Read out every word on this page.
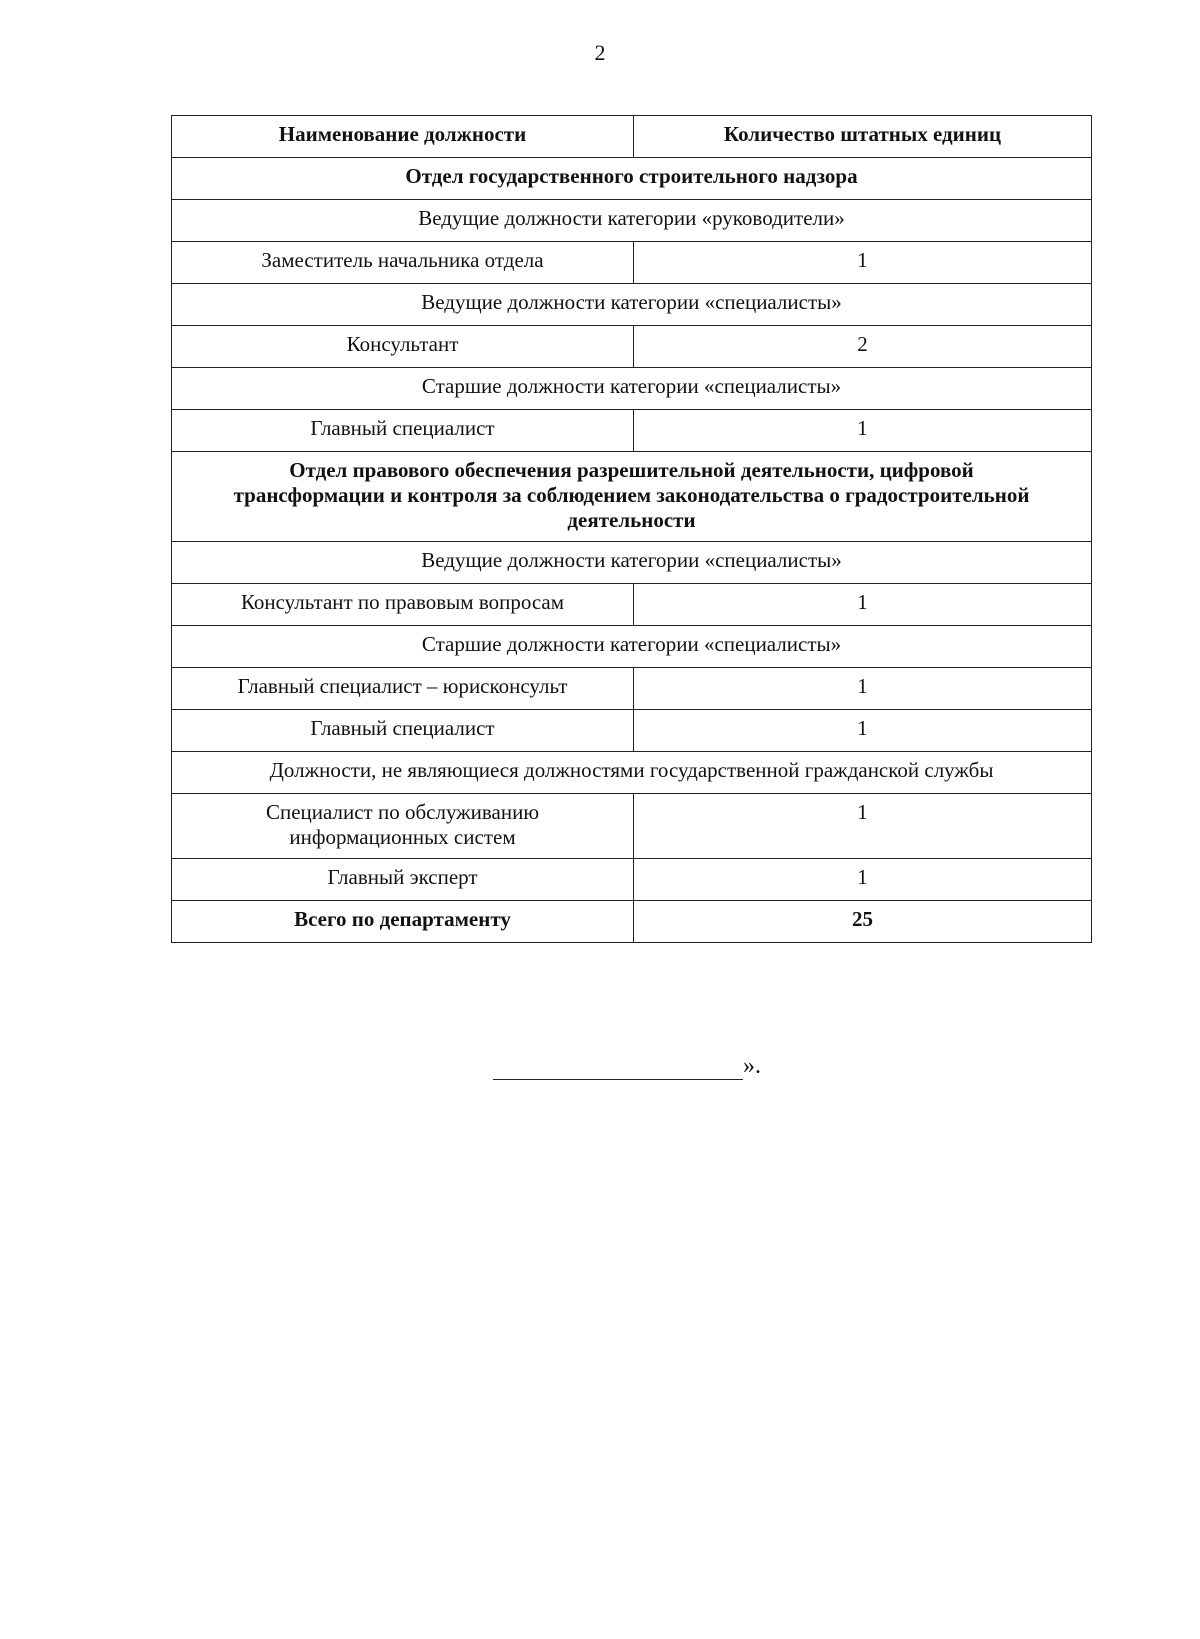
2
Наименование должности	Количество штатных единиц
Отдел государственного строительного надзора	
Ведущие должности категории «руководители»	
Заместитель начальника отдела	1
Ведущие должности категории «специалисты»	
Консультант	2
Старшие должности категории «специалисты»	
Главный специалист	1
Отдел правового обеспечения разрешительной деятельности, цифровой трансформации и контроля за соблюдением законодательства о градостроительной деятельности	
Ведущие должности категории «специалисты»	
Консультант по правовым вопросам	1
Старшие должности категории «специалисты»	
Главный специалист – юрисконсульт	1
Главный специалист	1
Должности, не являющиеся должностями государственной гражданской службы	
Специалист по обслуживанию информационных систем	1
Главный эксперт	1
Всего по департаменту	25
».
